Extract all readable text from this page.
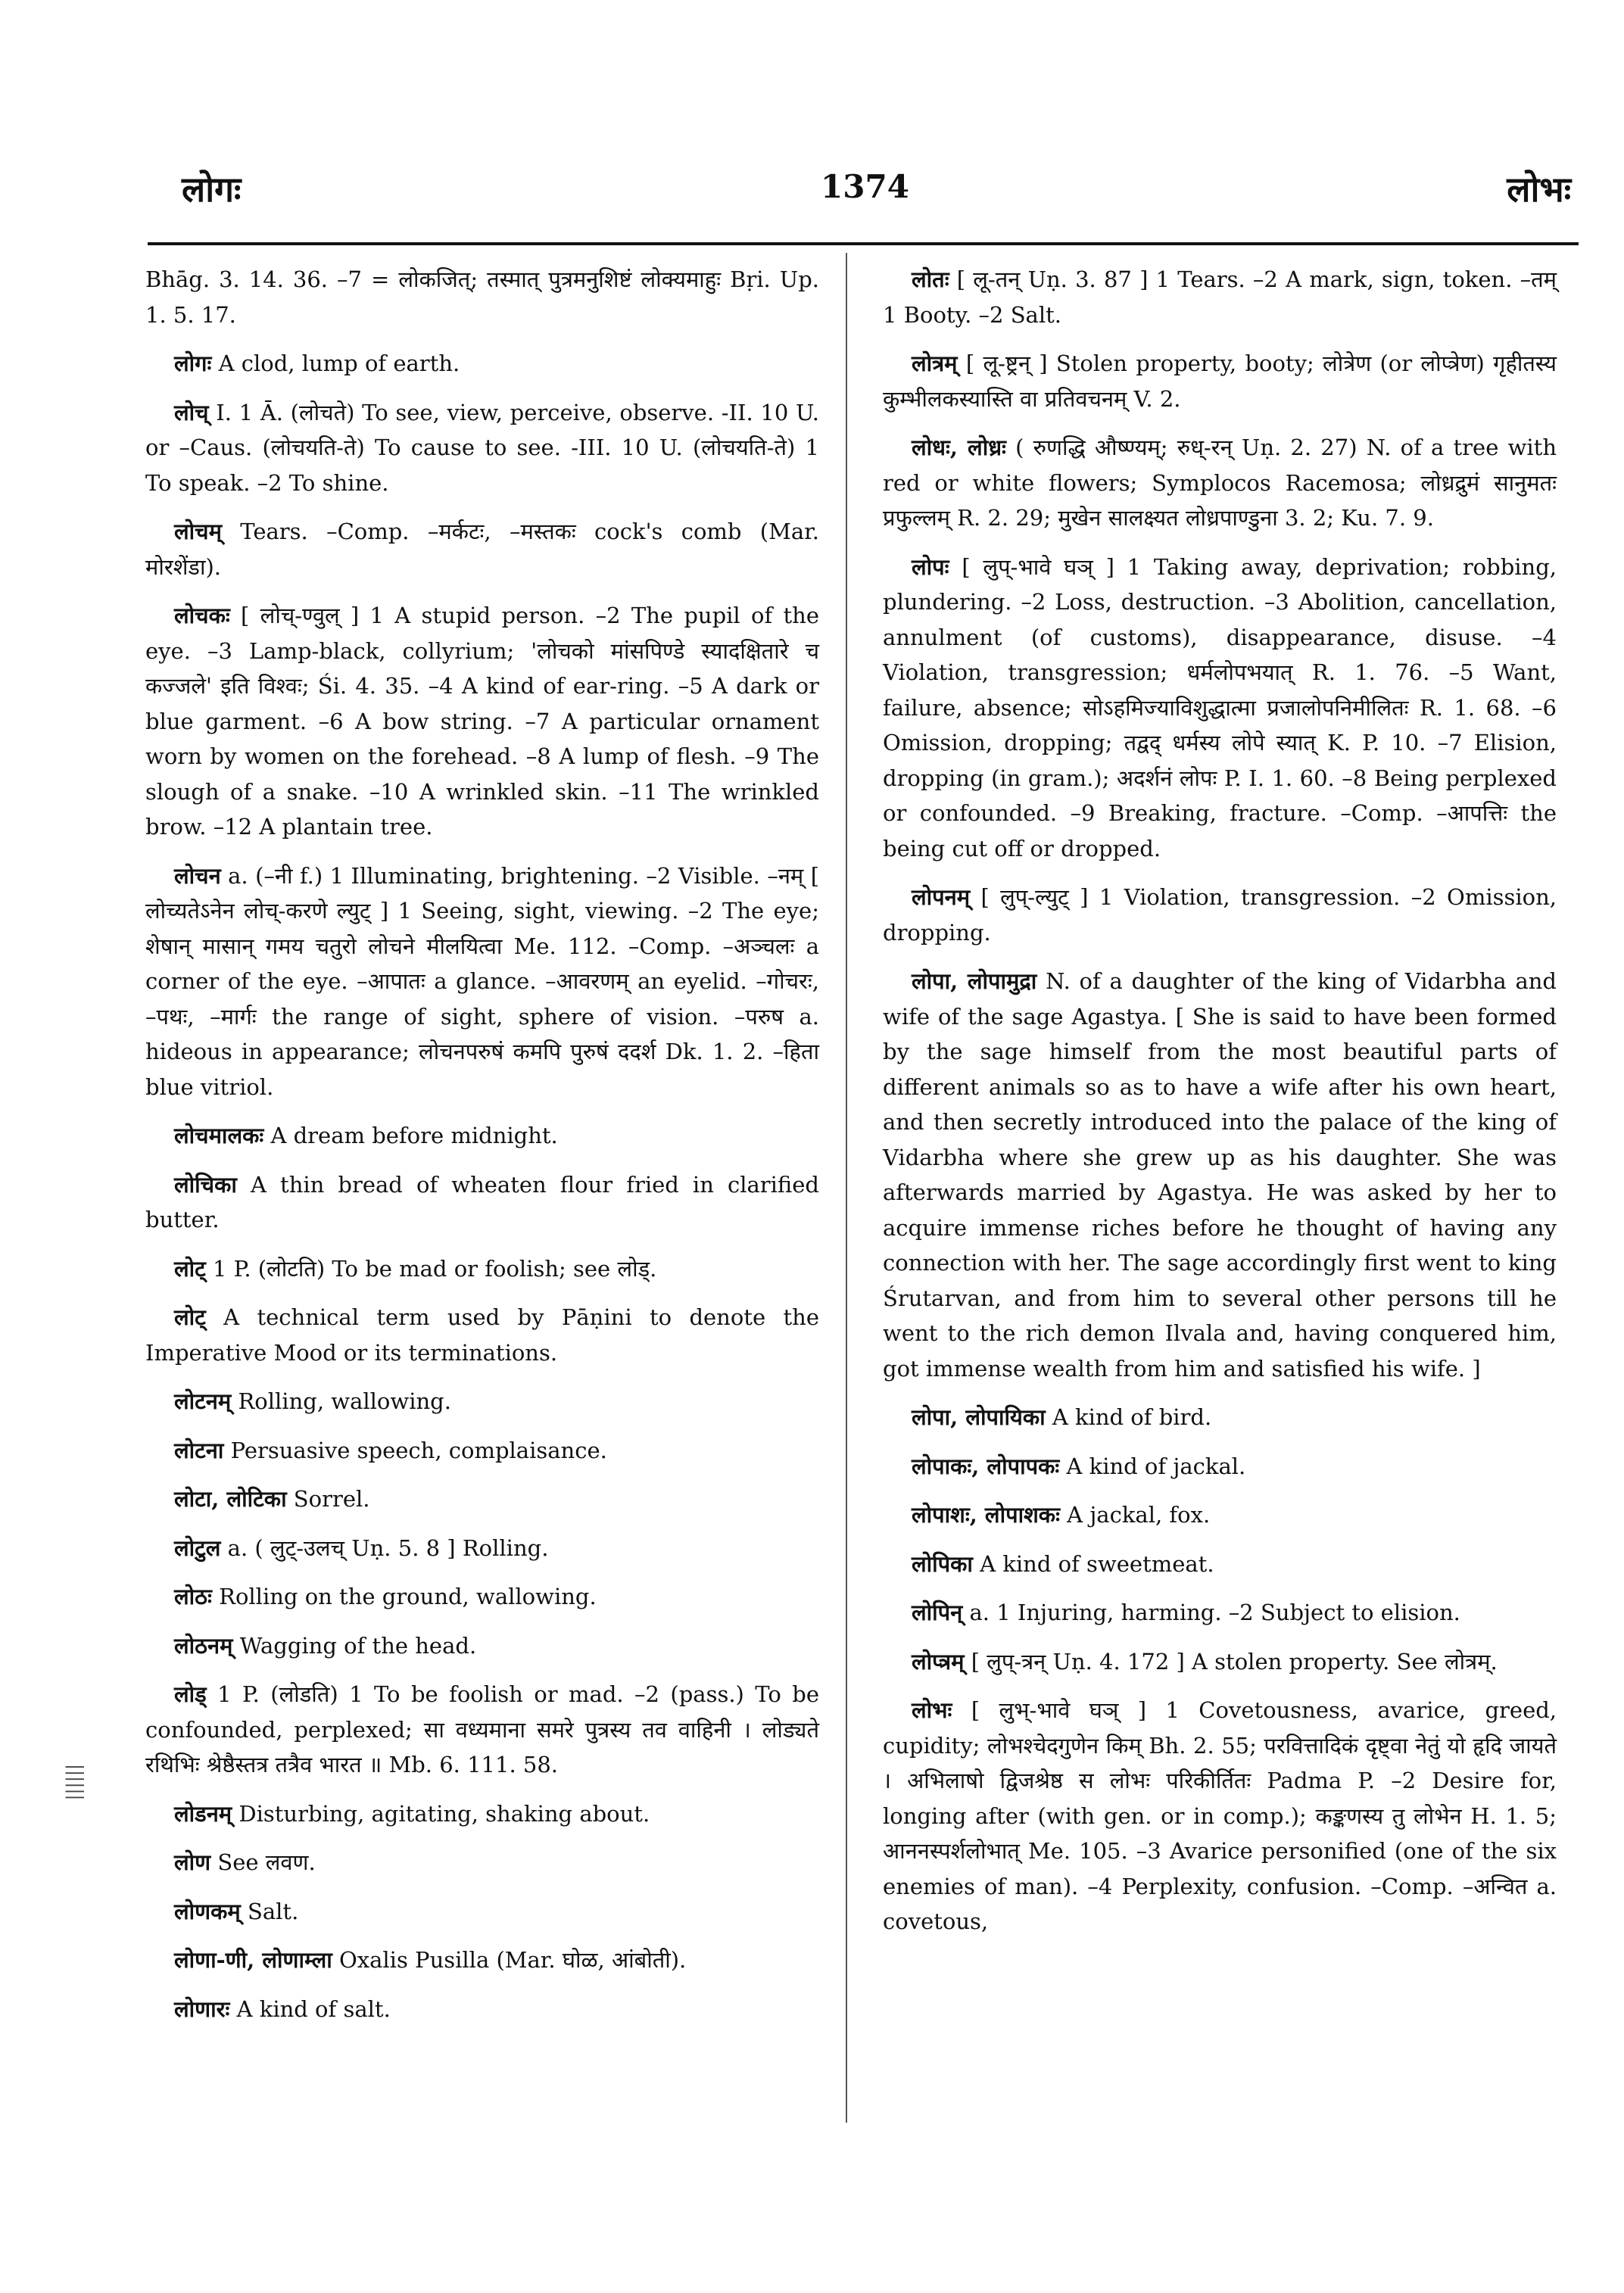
लोगः	1374	लोभः
||||||

Bhāg. 3. 14. 36. –7 = लोकजित्; तस्मात् पुत्रमनुशिष्टं लोक्यमाहुः Bṛi. Up. 1. 5. 17.

लोगः A clod, lump of earth.

लोच् I. 1 Ā. (लोचते) To see, view, perceive, observe. -II. 10 U. or –Caus. (लोचयति-ते) To cause to see. -III. 10 U. (लोचयति-ते) 1 To speak. –2 To shine.

लोचम् Tears. –Comp. –मर्कटः, –मस्तकः cock's comb (Mar. मोरशेंडा).

लोचकः [ लोच्-ण्वुल् ] 1 A stupid person. –2 The pupil of the eye. –3 Lamp-black, collyrium; 'लोचको मांसपिण्डे स्यादक्षितारे च कज्जले' इति विश्वः; Śi. 4. 35. –4 A kind of ear-ring. –5 A dark or blue garment. –6 A bow string. –7 A particular ornament worn by women on the forehead. –8 A lump of flesh. –9 The slough of a snake. –10 A wrinkled skin. –11 The wrinkled brow. –12 A plantain tree.

लोचन a. (–नी f.) 1 Illuminating, brightening. –2 Visible. –नम् [ लोच्यतेऽनेन लोच्-करणे ल्युट् ] 1 Seeing, sight, viewing. –2 The eye; शेषान् मासान् गमय चतुरो लोचने मीलयित्वा Me. 112. –Comp. –अञ्चलः a corner of the eye. –आपातः a glance. –आवरणम् an eyelid. –गोचरः, –पथः, –मार्गः the range of sight, sphere of vision. –परुष a. hideous in appearance; लोचनपरुषं कमपि पुरुषं ददर्श Dk. 1. 2. –हिता blue vitriol.

लोचमालकः A dream before midnight.

लोचिका A thin bread of wheaten flour fried in clarified butter.

लोट् 1 P. (लोटति) To be mad or foolish; see लोड्.

लोट् A technical term used by Pāṇini to denote the Imperative Mood or its terminations.

लोटनम् Rolling, wallowing.

लोटना Persuasive speech, complaisance.

लोटा, लोटिका Sorrel.

लोटुल a. ( लुट्-उलच् Uṇ. 5. 8 ] Rolling.

लोठः Rolling on the ground, wallowing.

लोठनम् Wagging of the head.

लोड् 1 P. (लोडति) 1 To be foolish or mad. –2 (pass.) To be confounded, perplexed; सा वध्यमाना समरे पुत्रस्य तव वाहिनी । लोड्यते रथिभिः श्रेष्ठैस्तत्र तत्रैव भारत ॥ Mb. 6. 111. 58.

लोडनम् Disturbing, agitating, shaking about.

लोण See लवण.

लोणकम् Salt.

लोणा-णी, लोणाम्ला Oxalis Pusilla (Mar. घोळ, आंबोती).

लोणारः A kind of salt.

लोतः [ लू-तन् Uṇ. 3. 87 ] 1 Tears. –2 A mark, sign, token. –तम् 1 Booty. –2 Salt.

लोत्रम् [ लू-ष्ट्रन् ] Stolen property, booty; लोत्रेण (or लोप्त्रेण) गृहीतस्य कुम्भीलकस्यास्ति वा प्रतिवचनम् V. 2.

लोधः, लोध्रः ( रुणद्धि औष्ण्यम्; रुध्-रन् Uṇ. 2. 27) N. of a tree with red or white flowers; Symplocos Racemosa; लोध्रद्रुमं सानुमतः प्रफुल्लम् R. 2. 29; मुखेन सालक्ष्यत लोध्रपाण्डुना 3. 2; Ku. 7. 9.

लोपः [ लुप्-भावे घञ् ] 1 Taking away, deprivation; robbing, plundering. –2 Loss, destruction. –3 Abolition, cancellation, annulment (of customs), disappearance, disuse. –4 Violation, transgression; धर्मलोपभयात् R. 1. 76. –5 Want, failure, absence; सोऽहमिज्याविशुद्धात्मा प्रजालोपनिमीलितः R. 1. 68. –6 Omission, dropping; तद्वद् धर्मस्य लोपे स्यात् K. P. 10. –7 Elision, dropping (in gram.); अदर्शनं लोपः P. I. 1. 60. –8 Being perplexed or confounded. –9 Breaking, fracture. –Comp. –आपत्तिः the being cut off or dropped.

लोपनम् [ लुप्-ल्युट् ] 1 Violation, transgression. –2 Omission, dropping.

लोपा, लोपामुद्रा N. of a daughter of the king of Vidarbha and wife of the sage Agastya. [ She is said to have been formed by the sage himself from the most beautiful parts of different animals so as to have a wife after his own heart, and then secretly introduced into the palace of the king of Vidarbha where she grew up as his daughter. She was afterwards married by Agastya. He was asked by her to acquire immense riches before he thought of having any connection with her. The sage accordingly first went to king Śrutarvan, and from him to several other persons till he went to the rich demon Ilvala and, having conquered him, got immense wealth from him and satisfied his wife. ]

लोपा, लोपायिका A kind of bird.

लोपाकः, लोपापकः A kind of jackal.

लोपाशः, लोपाशकः A jackal, fox.

लोपिका A kind of sweetmeat.

लोपिन् a. 1 Injuring, harming. –2 Subject to elision.

लोप्त्रम् [ लुप्-त्रन् Uṇ. 4. 172 ] A stolen property. See लोत्रम्.

लोभः [ लुभ्-भावे घञ् ] 1 Covetousness, avarice, greed, cupidity; लोभश्चेदगुणेन किम् Bh. 2. 55; परवित्तादिकं दृष्ट्वा नेतुं यो हृदि जायते । अभिलाषो द्विजश्रेष्ठ स लोभः परिकीर्तितः Padma P. –2 Desire for, longing after (with gen. or in comp.); कङ्कणस्य तु लोभेन H. 1. 5; आननस्पर्शलोभात् Me. 105. –3 Avarice personified (one of the six enemies of man). –4 Perplexity, confusion. –Comp. –अन्वित a. covetous,
